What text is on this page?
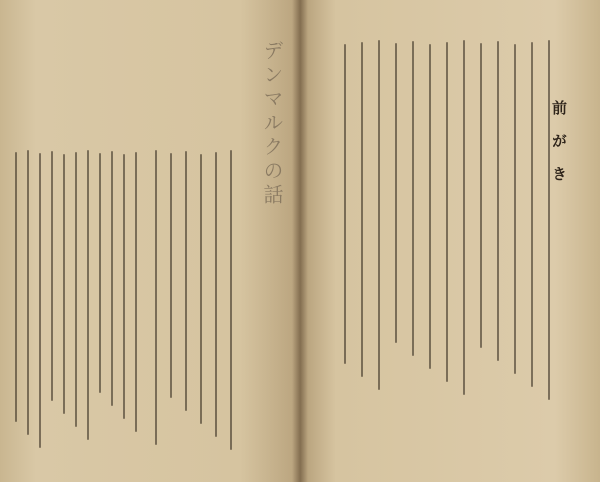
デンマルクの話	前がき
